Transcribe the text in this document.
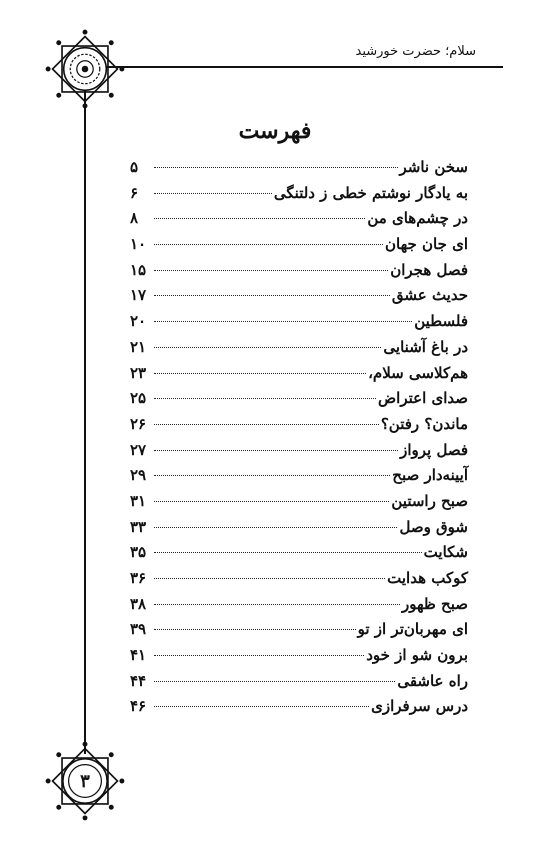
سلام؛ حضرت خورشید
۳
فهرست
سخن ناشر
۵
به یادگار نوشتم خطی ز دلتنگی
۶
در چشم‌های من
۸
ای جان جهان
۱۰
فصل هجران
۱۵
حدیث عشق
۱۷
فلسطین
۲۰
در باغ آشنایی
۲۱
هم‌کلاسی سلام،
۲۳
صدای اعتراض
۲۵
ماندن؟ رفتن؟
۲۶
فصل پرواز
۲۷
آیینه‌دار صبح
۲۹
صبح راستین
۳۱
شوق وصل
۳۳
شکایت
۳۵
کوکب هدایت
۳۶
صبح ظهور
۳۸
ای مهربان‌تر از تو
۳۹
برون شو از خود
۴۱
راه عاشقی
۴۴
درس سرفرازی
۴۶
